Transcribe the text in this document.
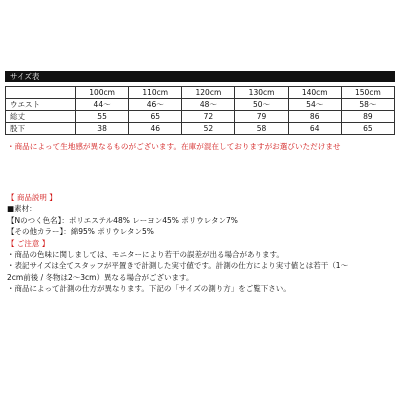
サイズ表
	100cm	110cm	120cm	130cm	140cm	150cm
ウエスト	44～	46～	48～	50～	54～	58～
総丈	55	65	72	79	86	89
股下	38	46	52	58	64	65
・商品によって生地感が異なるものがございます。在庫が混在しておりますがお選びいただけませ
【 商品説明 】
■素材：
【Nのつく色名】：ポリエステル48% レーヨン45% ポリウレタン7%
【その他カラー】：綿95% ポリウレタン5%
【 ご注意 】
・商品の色味に関しましては、モニターにより若干の誤差が出る場合があります。
・表記サイズは全てスタッフが平置きで計測した実寸値です。計測の仕方により実寸値とは若干（1～
2cm前後 / 冬物は2～3cm）異なる場合がございます。
・商品によって計測の仕方が異なります。下記の「サイズの測り方」をご覧下さい。
